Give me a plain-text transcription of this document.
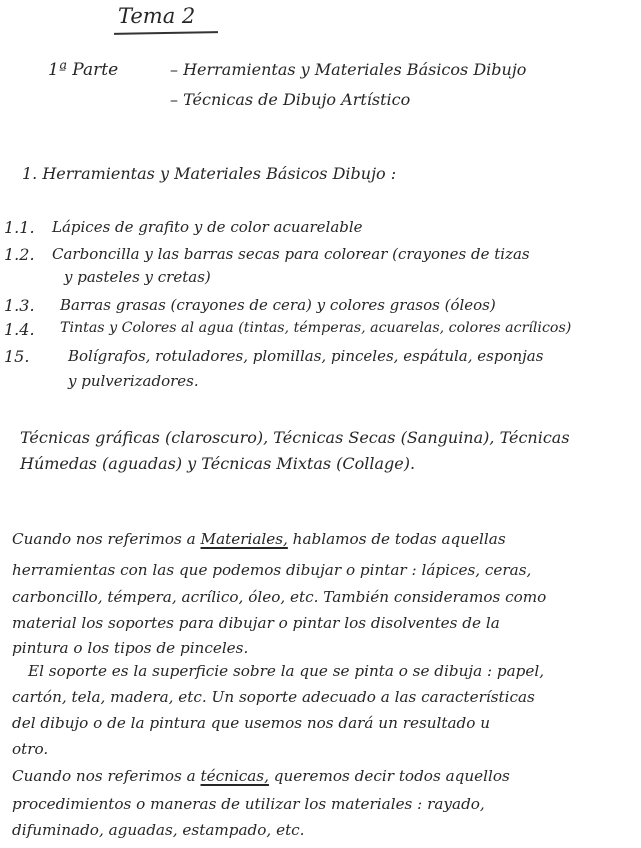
Tema 2
1ª Parte	– Herramientas y Materiales Básicos Dibujo
– Técnicas de Dibujo Artístico
1. Herramientas y Materiales Básicos Dibujo :
1.1. Lápices de grafito y de color acuarelable
1.2. Carboncilla y las barras secas para colorear (crayones de tizas
y pasteles y cretas)
1.3. Barras grasas (crayones de cera) y colores grasos (óleos)
1.4. Tintas y Colores al agua (tintas, témperas, acuarelas, colores acrílicos)
15.	Bolígrafos, rotuladores, plomillas, pinceles, espátula, esponjas
y pulverizadores.
Técnicas gráficas (claroscuro), Técnicas Secas (Sanguina), Técnicas
Húmedas (aguadas) y Técnicas Mixtas (Collage).
Cuando nos referimos a Materiales, hablamos de todas aquellas
herramientas con las que podemos dibujar o pintar : lápices, ceras,
carboncillo, témpera, acrílico, óleo, etc. También consideramos como
material los soportes para dibujar o pintar los disolventes de la
pintura o los tipos de pinceles.
El soporte es la superficie sobre la que se pinta o se dibuja : papel,
cartón, tela, madera, etc. Un soporte adecuado a las características
del dibujo o de la pintura que usemos nos dará un resultado u
otro.
Cuando nos referimos a técnicas, queremos decir todos aquellos
procedimientos o maneras de utilizar los materiales : rayado,
difuminado, aguadas, estampado, etc.
